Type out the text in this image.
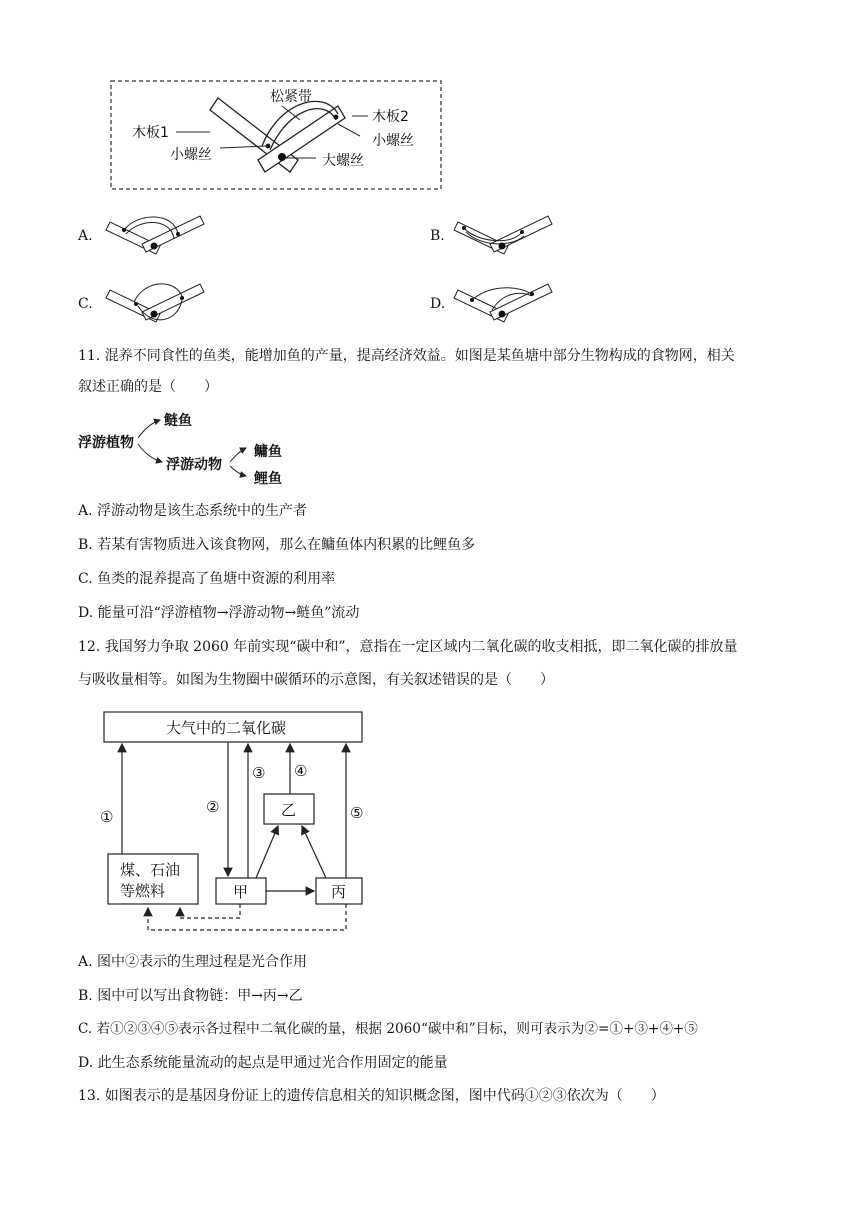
松紧带
木板1
木板2
小螺丝
小螺丝	大螺丝
A.	B.
C.	D.
11. 混养不同食性的鱼类，能增加鱼的产量，提高经济效益。如图是某鱼塘中部分生物构成的食物网，相关
叙述正确的是（　　）
浮游植物
鲢鱼
浮游动物
鳙鱼
鲤鱼
A. 浮游动物是该生态系统中的生产者
B. 若某有害物质进入该食物网，那么在鳙鱼体内积累的比鲤鱼多
C. 鱼类的混养提高了鱼塘中资源的利用率
D. 能量可沿“浮游植物→浮游动物→鲢鱼”流动
12. 我国努力争取 2060 年前实现“碳中和”，意指在一定区域内二氧化碳的收支相抵，即二氧化碳的排放量
与吸收量相等。如图为生物圈中碳循环的示意图，有关叙述错误的是（　　）
大气中的二氧化碳
煤、石油
等燃料	甲
乙
丙
①
②
③ ④
⑤
A. 图中②表示的生理过程是光合作用
B. 图中可以写出食物链：甲→丙→乙
C. 若①②③④⑤表示各过程中二氧化碳的量，根据 2060“碳中和”目标，则可表示为②=①+③+④+⑤
D. 此生态系统能量流动的起点是甲通过光合作用固定的能量
13. 如图表示的是基因身份证上的遗传信息相关的知识概念图，图中代码①②③依次为（　　）
